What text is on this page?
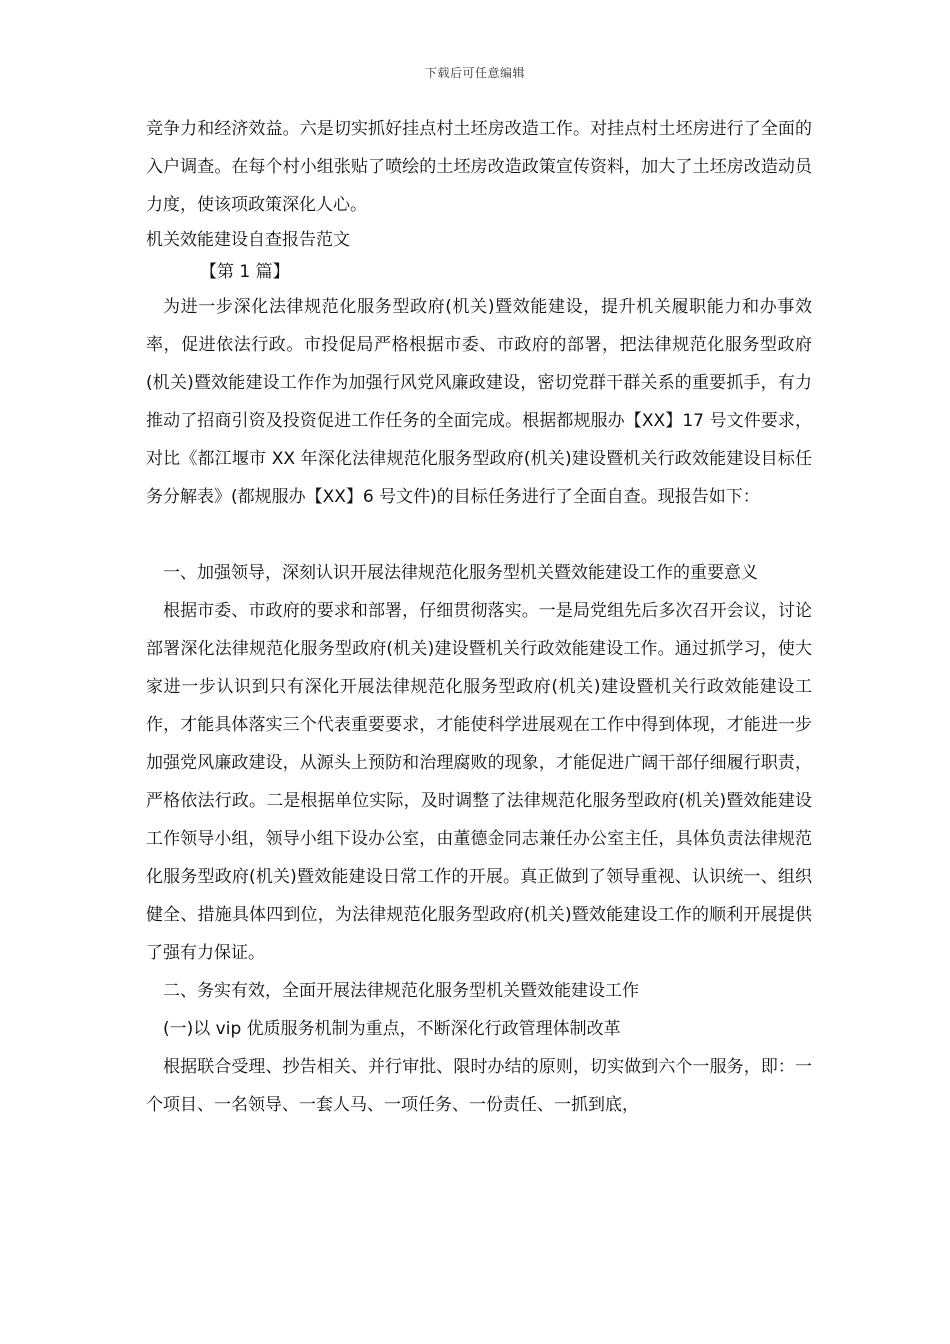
下载后可任意编辑

竞争力和经济效益。六是切实抓好挂点村土坯房改造工作。对挂点村土坯房进行了全面的入户调查。在每个村小组张贴了喷绘的土坯房改造政策宣传资料，加大了土坯房改造动员力度，使该项政策深化人心。

机关效能建设自查报告范文

【第 1 篇】

为进一步深化法律规范化服务型政府(机关)暨效能建设，提升机关履职能力和办事效率，促进依法行政。市投促局严格根据市委、市政府的部署，把法律规范化服务型政府(机关)暨效能建设工作作为加强行风党风廉政建设，密切党群干群关系的重要抓手，有力推动了招商引资及投资促进工作任务的全面完成。根据都规服办【XX】17 号文件要求，对比《都江堰市 XX 年深化法律规范化服务型政府(机关)建设暨机关行政效能建设目标任务分解表》(都规服办【XX】6 号文件)的目标任务进行了全面自查。现报告如下：

一、加强领导，深刻认识开展法律规范化服务型机关暨效能建设工作的重要意义

根据市委、市政府的要求和部署，仔细贯彻落实。一是局党组先后多次召开会议，讨论部署深化法律规范化服务型政府(机关)建设暨机关行政效能建设工作。通过抓学习，使大家进一步认识到只有深化开展法律规范化服务型政府(机关)建设暨机关行政效能建设工作，才能具体落实三个代表重要要求，才能使科学进展观在工作中得到体现，才能进一步加强党风廉政建设，从源头上预防和治理腐败的现象，才能促进广阔干部仔细履行职责，严格依法行政。二是根据单位实际，及时调整了法律规范化服务型政府(机关)暨效能建设工作领导小组，领导小组下设办公室，由董德金同志兼任办公室主任，具体负责法律规范化服务型政府(机关)暨效能建设日常工作的开展。真正做到了领导重视、认识统一、组织健全、措施具体四到位，为法律规范化服务型政府(机关)暨效能建设工作的顺利开展提供了强有力保证。

二、务实有效，全面开展法律规范化服务型机关暨效能建设工作

(一)以 vip 优质服务机制为重点，不断深化行政管理体制改革

根据联合受理、抄告相关、并行审批、限时办结的原则，切实做到六个一服务，即：一个项目、一名领导、一套人马、一项任务、一份责任、一抓到底，
